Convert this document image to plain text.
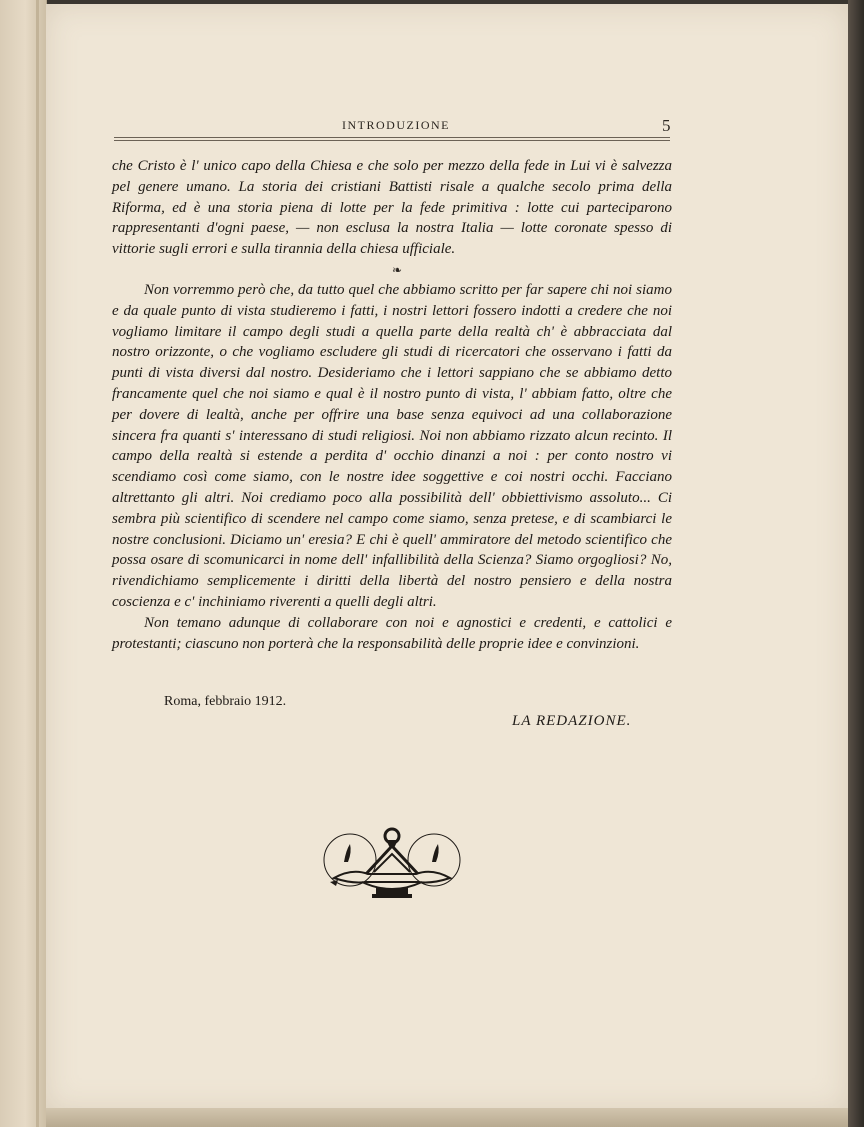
INTRODUZIONE	5

che Cristo è l' unico capo della Chiesa e che solo per mezzo della fede in Lui vi è salvezza pel genere umano. La storia dei cristiani Battisti risale a qualche secolo prima della Riforma, ed è una storia piena di lotte per la fede primitiva : lotte cui parteciparono rappresentanti d'ogni paese, — non esclusa la nostra Italia — lotte coronate spesso di vittorie sugli errori e sulla tirannia della chiesa ufficiale.

❧

Non vorremmo però che, da tutto quel che abbiamo scritto per far sapere chi noi siamo e da quale punto di vista studieremo i fatti, i nostri lettori fossero indotti a credere che noi vogliamo limitare il campo degli studi a quella parte della realtà ch' è abbracciata dal nostro orizzonte, o che vogliamo escludere gli studi di ricercatori che osservano i fatti da punti di vista diversi dal nostro. Desideriamo che i lettori sappiano che se abbiamo detto francamente quel che noi siamo e qual è il nostro punto di vista, l' abbiam fatto, oltre che per dovere di lealtà, anche per offrire una base senza equivoci ad una collaborazione sincera fra quanti s' interessano di studi religiosi. Noi non abbiamo rizzato alcun recinto. Il campo della realtà si estende a perdita d' occhio dinanzi a noi : per conto nostro vi scendiamo così come siamo, con le nostre idee soggettive e coi nostri occhi. Facciano altrettanto gli altri. Noi crediamo poco alla possibilità dell' obbiettivismo assoluto... Ci sembra più scientifico di scendere nel campo come siamo, senza pretese, e di scambiarci le nostre conclusioni. Diciamo un' eresia? E chi è quell' ammiratore del metodo scientifico che possa osare di scomunicarci in nome dell' infallibilità della Scienza? Siamo orgogliosi? No, rivendichiamo semplicemente i diritti della libertà del nostro pensiero e della nostra coscienza e c' inchiniamo riverenti a quelli degli altri.

Non temano adunque di collaborare con noi e agnostici e credenti, e cattolici e protestanti; ciascuno non porterà che la responsabilità delle proprie idee e convinzioni.

Roma, febbraio 1912.
LA REDAZIONE.
